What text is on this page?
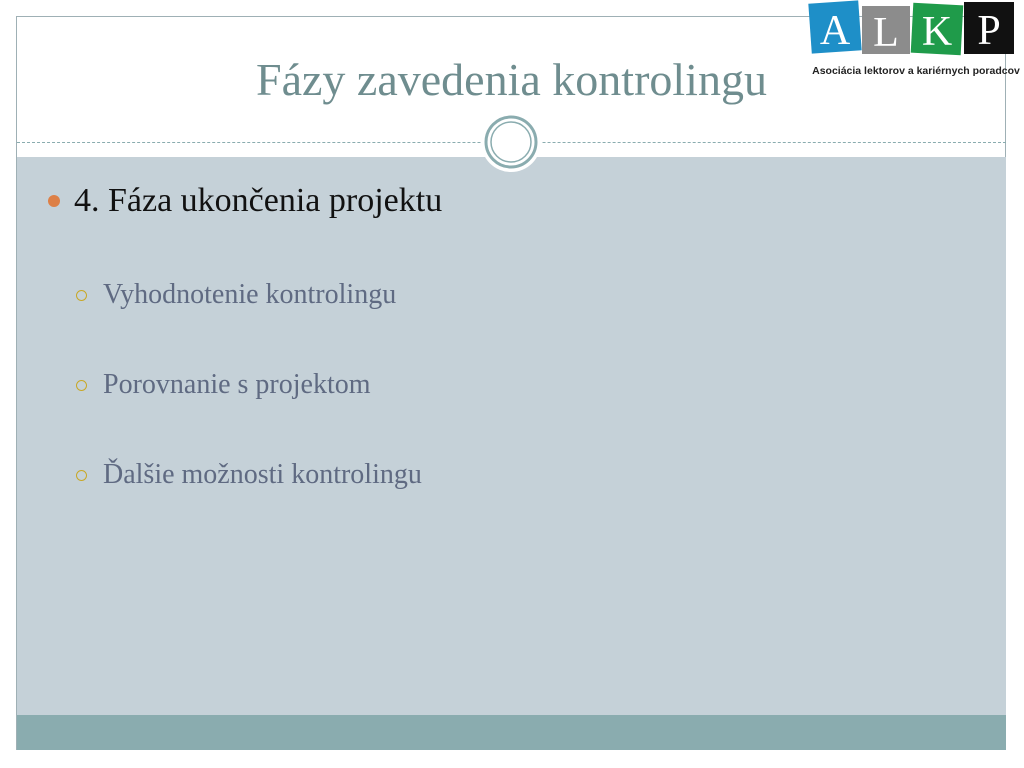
Fázy zavedenia kontrolingu
A L K P
Asociácia lektorov a kariérnych poradcov
4. Fáza ukončenia projektu
Vyhodnotenie kontrolingu
Porovnanie s projektom
Ďalšie možnosti kontrolingu
